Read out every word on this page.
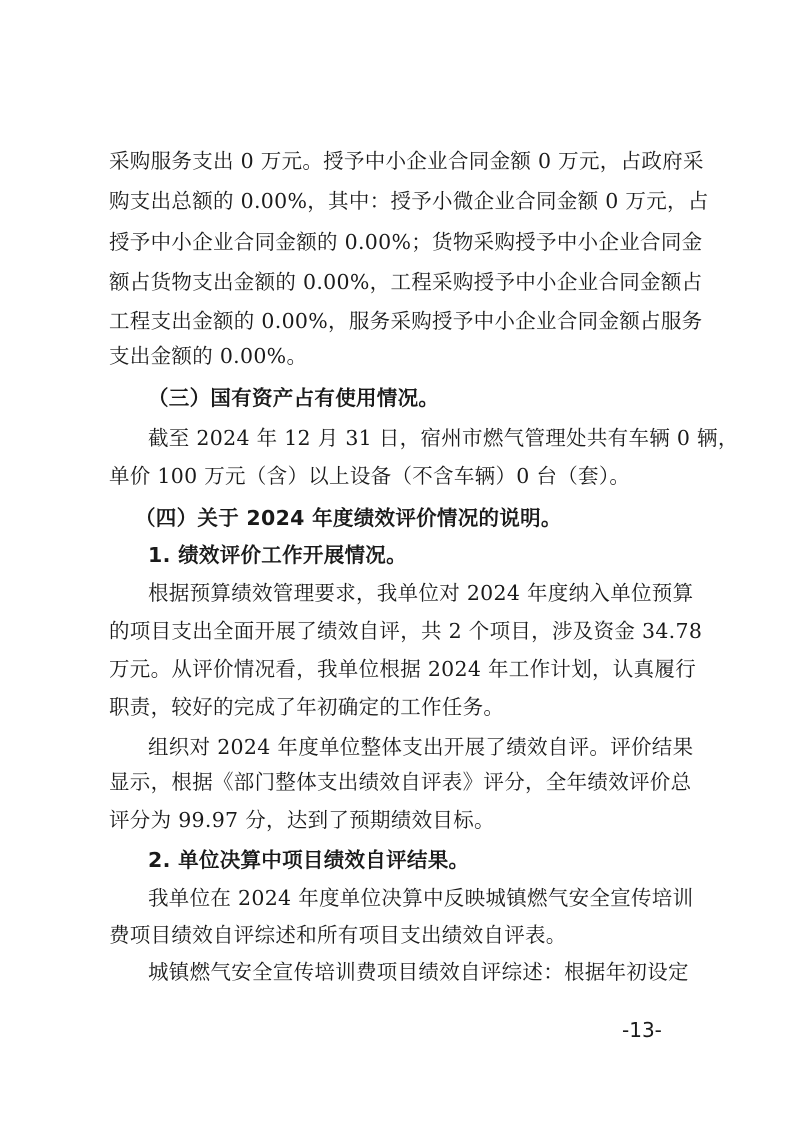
采购服务支出 0 万元。授予中小企业合同金额 0 万元，占政府采
购支出总额的 0.00%，其中：授予小微企业合同金额 0 万元，占
授予中小企业合同金额的 0.00%；货物采购授予中小企业合同金
额占货物支出金额的 0.00%，工程采购授予中小企业合同金额占
工程支出金额的 0.00%，服务采购授予中小企业合同金额占服务
支出金额的 0.00%。
（三）国有资产占有使用情况。
截至 2024 年 12 月 31 日，宿州市燃气管理处共有车辆 0 辆，
单价 100 万元（含）以上设备（不含车辆）0 台（套）。
（四）关于 2024 年度绩效评价情况的说明。
1. 绩效评价工作开展情况。
根据预算绩效管理要求，我单位对 2024 年度纳入单位预算
的项目支出全面开展了绩效自评，共 2 个项目，涉及资金 34.78
万元。从评价情况看，我单位根据 2024 年工作计划，认真履行
职责，较好的完成了年初确定的工作任务。
组织对 2024 年度单位整体支出开展了绩效自评。评价结果
显示，根据《部门整体支出绩效自评表》评分，全年绩效评价总
评分为 99.97 分，达到了预期绩效目标。
2. 单位决算中项目绩效自评结果。
我单位在 2024 年度单位决算中反映城镇燃气安全宣传培训
费项目绩效自评综述和所有项目支出绩效自评表。
城镇燃气安全宣传培训费项目绩效自评综述：根据年初设定
-13-
